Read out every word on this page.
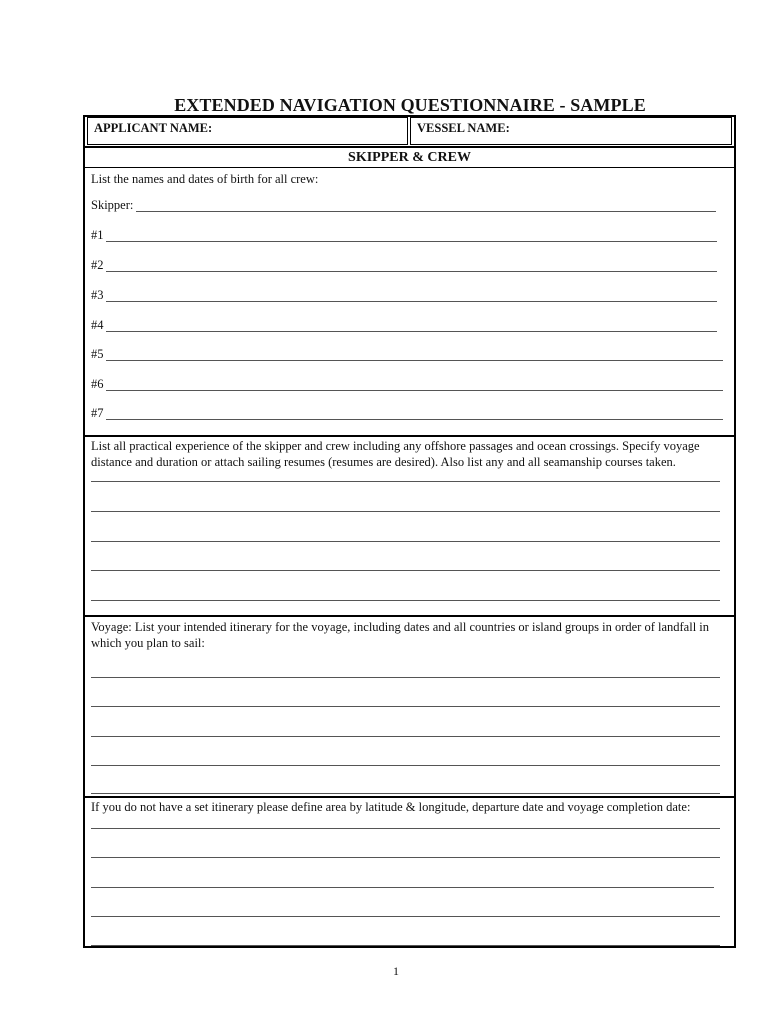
EXTENDED NAVIGATION QUESTIONNAIRE - SAMPLE
APPLICANT NAME:	VESSEL NAME:
SKIPPER & CREW
List the names and dates of birth for all crew:
Skipper:
#1
#2
#3
#4
#5
#6
#7
List all practical experience of the skipper and crew including any offshore passages and ocean crossings. Specify voyage
distance and duration or attach sailing resumes (resumes are desired). Also list any and all seamanship courses taken.
Voyage: List your intended itinerary for the voyage, including dates and all countries or island groups in order of landfall in
which you plan to sail:
If you do not have a set itinerary please define area by latitude & longitude, departure date and voyage completion date:
1
